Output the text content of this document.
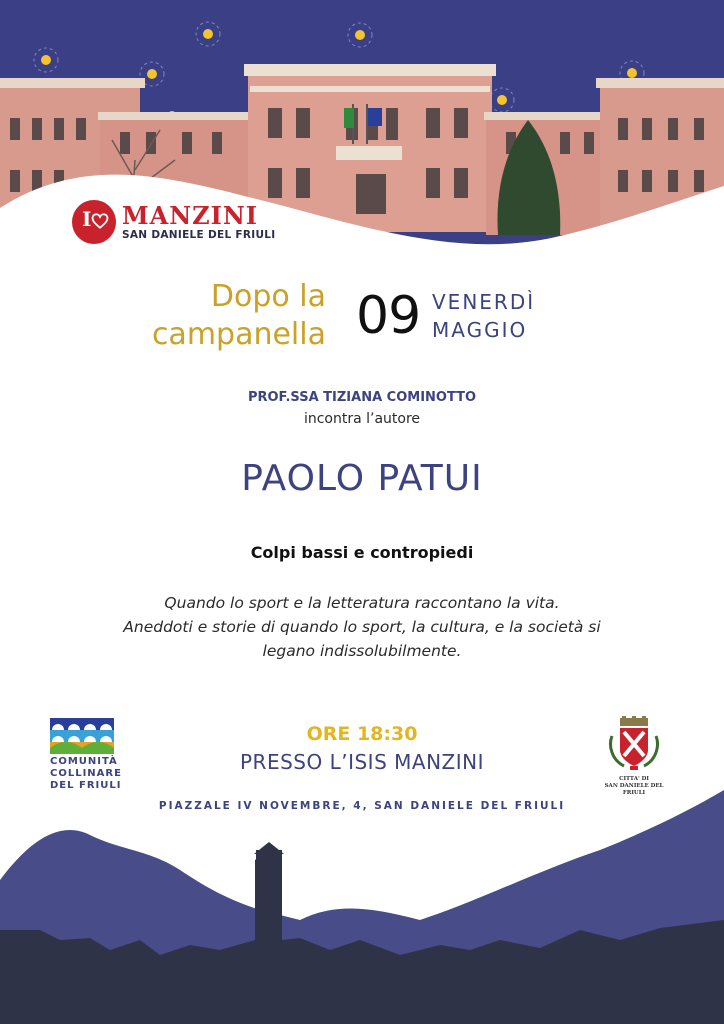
I MANZINI
SAN DANIELE DEL FRIULI
Dopo la
campanella 09 VENERDÌ
MAGGIO
PROF.SSA TIZIANA COMINOTTO
incontra l’autore
PAOLO PATUI
Colpi bassi e contropiedi
Quando lo sport e la letteratura raccontano la vita.
Aneddoti e storie di quando lo sport, la cultura, e la società si
legano indissolubilmente.
COMUNITÀ
COLLINARE
DEL FRIULI
ORE 18:30
PRESSO L’ISIS MANZINI
CITTA' DI
SAN DANIELE DEL FRIULI
PIAZZALE IV NOVEMBRE, 4, SAN DANIELE DEL FRIULI
